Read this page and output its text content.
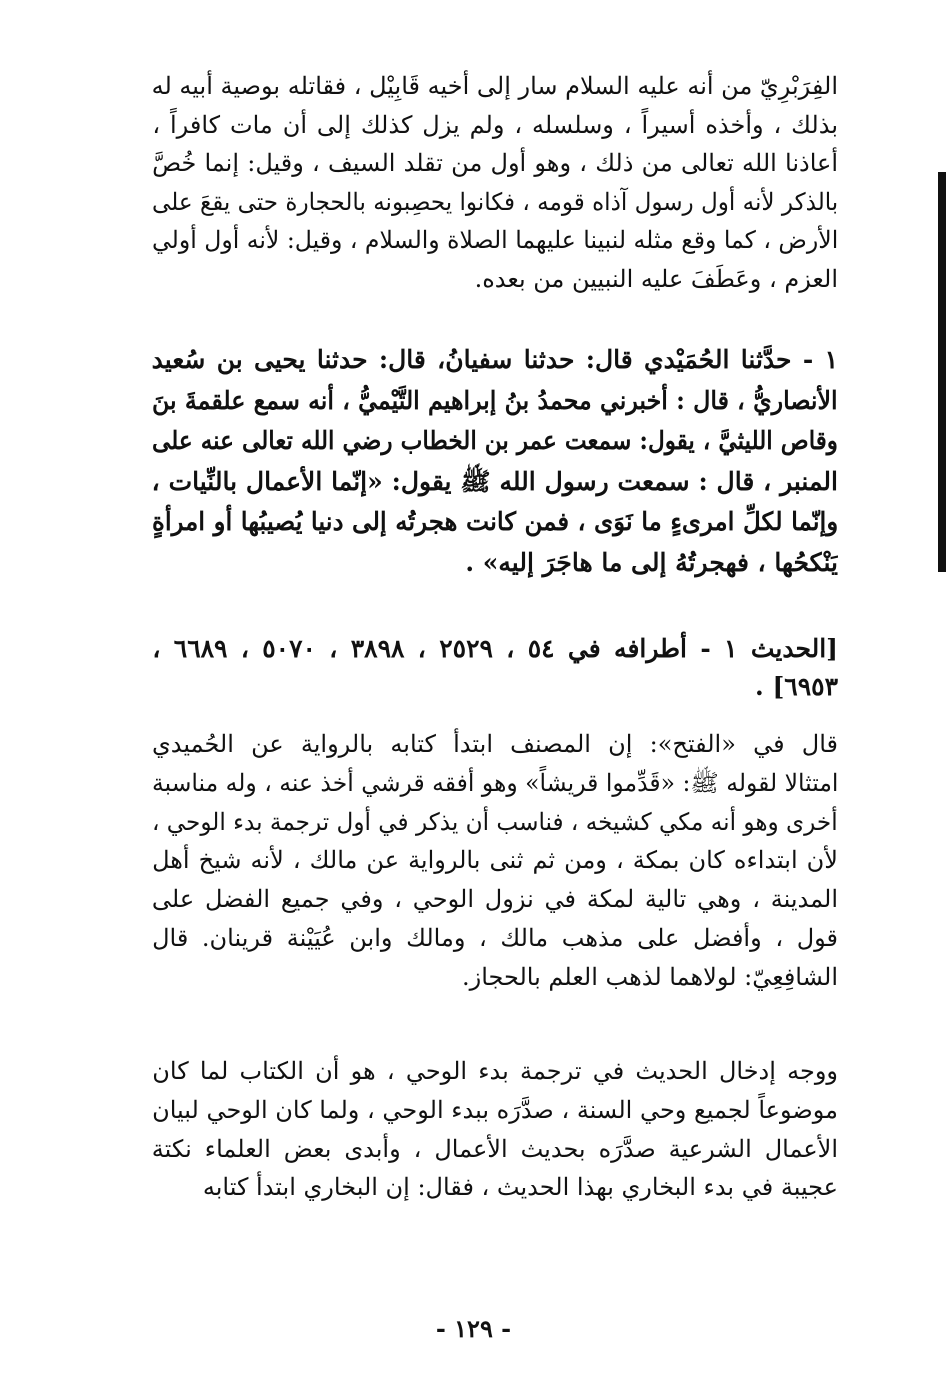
الفِرَبْرِيّ من أنه عليه السلام سار إلى أخيه قَابِيْل ، فقاتله بوصية أبيه له
بذلك ، وأخذه أسيراً ، وسلسله ، ولم يزل كذلك إلى أن مات كافراً ،
أعاذنا الله تعالى من ذلك ، وهو أول من تقلد السيف ، وقيل: إنما خُصَّ
بالذكر لأنه أول رسول آذاه قومه ، فكانوا يحصِبونه بالحجارة حتى يقعَ على
الأرض ، كما وقع مثله لنبينا عليهما الصلاة والسلام ، وقيل: لأنه أول أولي
العزم ، وعَطَفَ عليه النبيين من بعده.

١ - حدَّثنا الحُمَيْدي قال: حدثنا سفيانُ، قال: حدثنا يحيى بن سُعيد
الأنصاريُّ ، قال : أخبرني محمدُ بنُ إبراهيم التَّيْميُّ ، أنه سمع علقمةَ بنَ
وقاص الليثيَّ ، يقول: سمعت عمر بن الخطاب رضي الله تعالى عنه على
المنبر ، قال : سمعت رسول الله ﷺ يقول: «إنّما الأعمال بالنِّيات ،
وإنّما لكلِّ امرىءٍ ما نَوَى ، فمن كانت هجرتُه إلى دنيا يُصيبُها أو امرأةٍ
يَنْكحُها ، فهجرتُهُ إلى ما هاجَرَ إليه» .

[الحديث ١ - أطرافه في ٥٤ ، ٢٥٢٩ ، ٣٨٩٨ ، ٥٠٧٠ ، ٦٦٨٩ ،
٦٩٥٣] .

قال في «الفتح»: إن المصنف ابتدأ كتابه بالرواية عن الحُميدي
امتثالا لقوله ﷺ: «قَدِّموا قريشاً» وهو أفقه قرشي أخذ عنه ، وله مناسبة
أخرى وهو أنه مكي كشيخه ، فناسب أن يذكر في أول ترجمة بدء الوحي ،
لأن ابتداءه كان بمكة ، ومن ثم ثنى بالرواية عن مالك ، لأنه شيخ أهل
المدينة ، وهي تالية لمكة في نزول الوحي ، وفي جميع الفضل على
قول ، وأفضل على مذهب مالك ، ومالك وابن عُيَيْنة قرينان. قال
الشافِعِيّ: لولاهما لذهب العلم بالحجاز.

ووجه إدخال الحديث في ترجمة بدء الوحي ، هو أن الكتاب لما كان
موضوعاً لجميع وحي السنة ، صدَّرَه ببدء الوحي ، ولما كان الوحي لبيان
الأعمال الشرعية صدَّرَه بحديث الأعمال ، وأبدى بعض العلماء نكتة
عجيبة في بدء البخاري بهذا الحديث ، فقال: إن البخاري ابتدأ كتابه

- ١٢٩ -
